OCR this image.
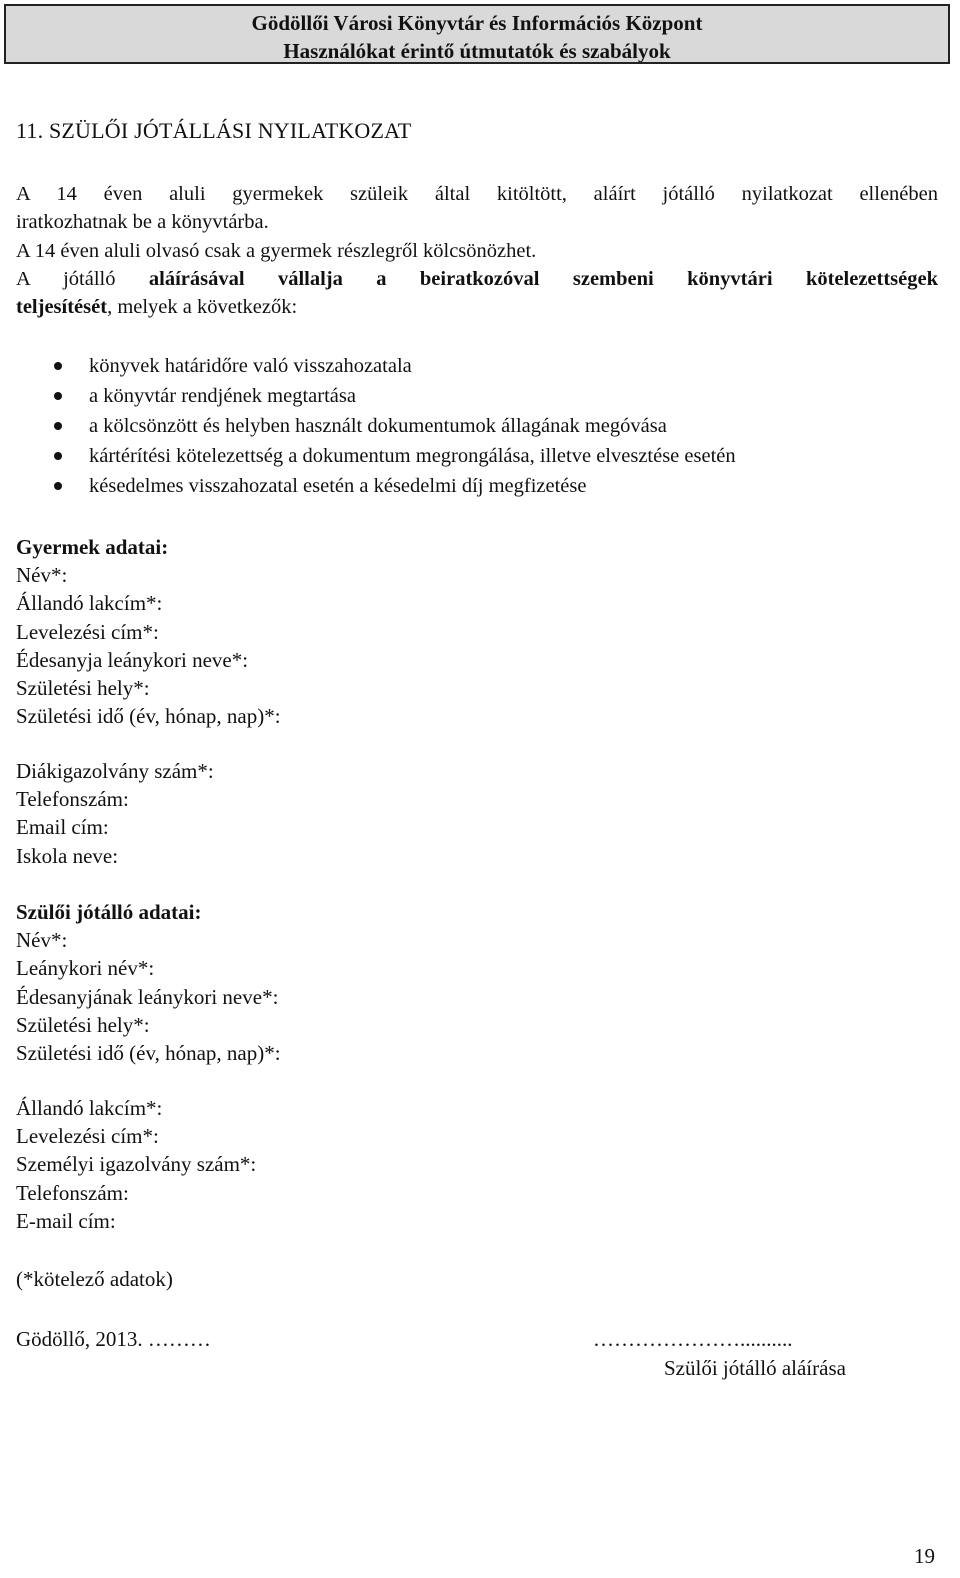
Gödöllői Városi Könyvtár és Információs Központ
Használókat érintő útmutatók és szabályok
11. SZÜLŐI JÓTÁLLÁSI NYILATKOZAT
A 14 éven aluli gyermekek szüleik által kitöltött, aláírt jótálló nyilatkozat ellenében
iratkozhatnak be a könyvtárba.
A 14 éven aluli olvasó csak a gyermek részlegről kölcsönözhet.
A jótálló aláírásával vállalja a beiratkozóval szembeni könyvtári kötelezettségek
teljesítését, melyek a következők:
könyvek határidőre való visszahozatala
a könyvtár rendjének megtartása
a kölcsönzött és helyben használt dokumentumok állagának megóvása
kártérítési kötelezettség a dokumentum megrongálása, illetve elvesztése esetén
késedelmes visszahozatal esetén a késedelmi díj megfizetése
Gyermek adatai:
Név*:
Állandó lakcím*:
Levelezési cím*:
Édesanyja leánykori neve*:
Születési hely*:
Születési idő (év, hónap, nap)*:
Diákigazolvány szám*:
Telefonszám:
Email cím:
Iskola neve:
Szülői jótálló adatai:
Név*:
Leánykori név*:
Édesanyjának leánykori neve*:
Születési hely*:
Születési idő (év, hónap, nap)*:
Állandó lakcím*:
Levelezési cím*:
Személyi igazolvány szám*:
Telefonszám:
E-mail cím:
(*kötelező adatok)
Gödöllő, 2013. ………	…………………..........
Szülői jótálló aláírása
19
